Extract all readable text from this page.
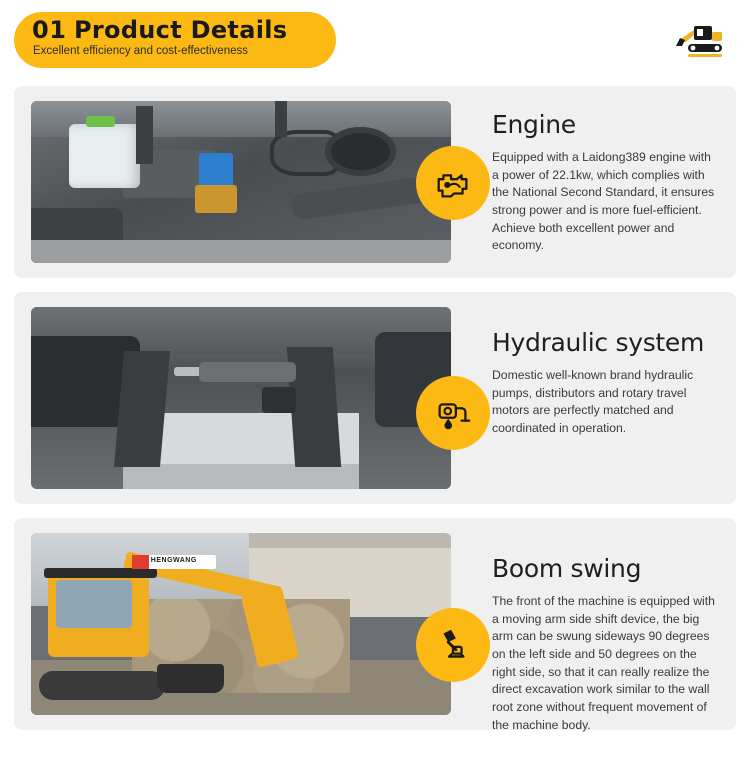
01 Product Details
Excellent efficiency and cost-effectiveness
Engine
Equipped with a Laidong389 engine with a power of 22.1kw, which complies with the National Second Standard, it ensures strong power and is more fuel-efficient. Achieve both excellent power and economy.
Hydraulic system
Domestic well-known brand hydraulic pumps, distributors and rotary travel motors are perfectly matched and coordinated in operation.
HENGWANG	Boom swing
The front of the machine is equipped with a moving arm side shift device, the big arm can be swung sideways 90 degrees on the left side and 50 degrees on the right side, so that it can really realize the direct excavation work similar to the wall root zone without frequent movement of the machine body.
